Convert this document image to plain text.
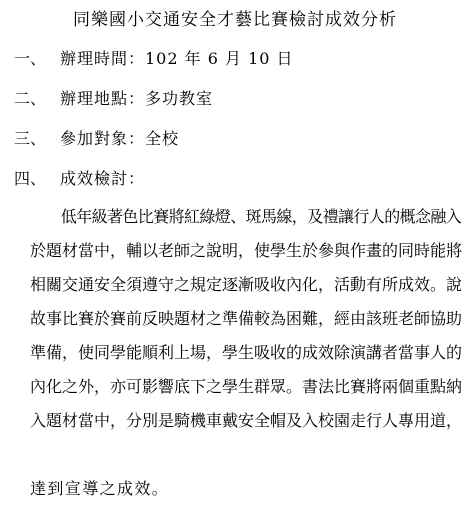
同樂國小交通安全才藝比賽檢討成效分析
一、 辦理時間：102 年 6 月 10 日
二、 辦理地點：多功教室
三、 參加對象：全校
四、 成效檢討：
　　低年級著色比賽將紅綠燈、斑馬線，及禮讓行人的概念融入
於題材當中，輔以老師之說明，使學生於參與作畫的同時能將
相關交通安全須遵守之規定逐漸吸收內化，活動有所成效。說
故事比賽於賽前反映題材之準備較為困難，經由該班老師協助
準備，使同學能順利上場，學生吸收的成效除演講者當事人的
內化之外，亦可影響底下之學生群眾。書法比賽將兩個重點納
入題材當中，分別是騎機車戴安全帽及入校園走行人專用道，
達到宣導之成效。
